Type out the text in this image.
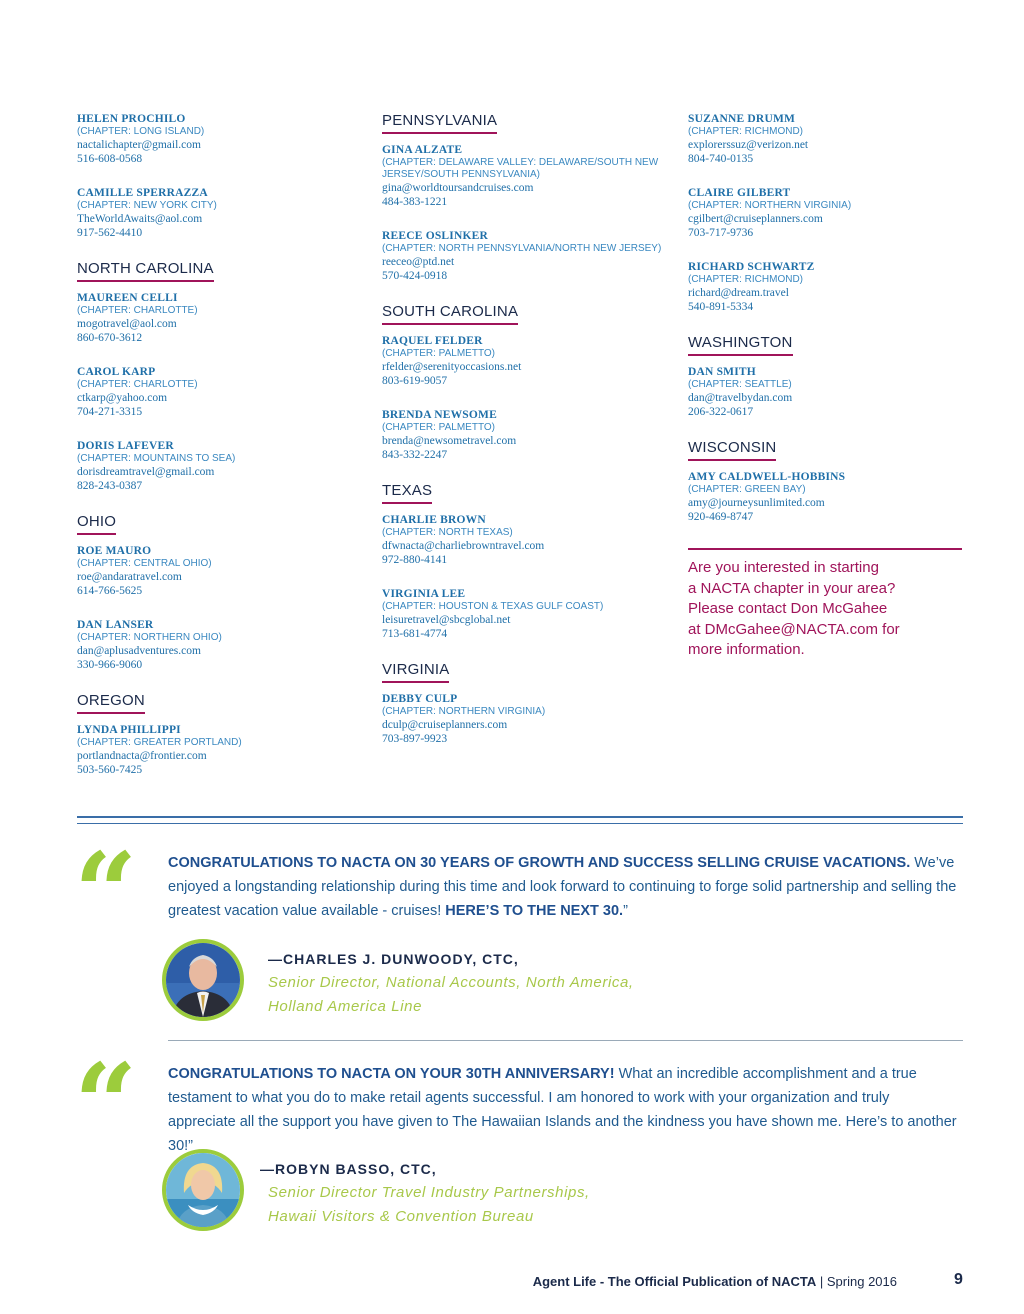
HELEN PROCHILO
(CHAPTER: LONG ISLAND)
nactalichapter@gmail.com
516-608-0568
CAMILLE SPERRAZZA
(CHAPTER: NEW YORK CITY)
TheWorldAwaits@aol.com
917-562-4410
NORTH CAROLINA
MAUREEN CELLI
(CHAPTER: CHARLOTTE)
mogotravel@aol.com
860-670-3612
CAROL KARP
(CHAPTER: CHARLOTTE)
ctkarp@yahoo.com
704-271-3315
DORIS LAFEVER
(CHAPTER: MOUNTAINS TO SEA)
dorisdreamtravel@gmail.com
828-243-0387
OHIO
ROE MAURO
(CHAPTER: CENTRAL OHIO)
roe@andaratravel.com
614-766-5625
DAN LANSER
(CHAPTER: NORTHERN OHIO)
dan@aplusadventures.com
330-966-9060
OREGON
LYNDA PHILLIPPI
(CHAPTER: GREATER PORTLAND)
portlandnacta@frontier.com
503-560-7425
PENNSYLVANIA
GINA ALZATE
(CHAPTER: DELAWARE VALLEY: DELAWARE/SOUTH NEW JERSEY/SOUTH PENNSYLVANIA)
gina@worldtoursandcruises.com
484-383-1221
REECE OSLINKER
(CHAPTER: NORTH PENNSYLVANIA/NORTH NEW JERSEY)
reeceo@ptd.net
570-424-0918
SOUTH CAROLINA
RAQUEL FELDER
(CHAPTER: PALMETTO)
rfelder@serenityoccasions.net
803-619-9057
BRENDA NEWSOME
(CHAPTER: PALMETTO)
brenda@newsometravel.com
843-332-2247
TEXAS
CHARLIE BROWN
(CHAPTER: NORTH TEXAS)
dfwnacta@charliebrowntravel.com
972-880-4141
VIRGINIA LEE
(CHAPTER: HOUSTON & TEXAS GULF COAST)
leisuretravel@sbcglobal.net
713-681-4774
VIRGINIA
DEBBY CULP
(CHAPTER: NORTHERN VIRGINIA)
dculp@cruiseplanners.com
703-897-9923
SUZANNE DRUMM
(CHAPTER: RICHMOND)
explorerssuz@verizon.net
804-740-0135
CLAIRE GILBERT
(CHAPTER: NORTHERN VIRGINIA)
cgilbert@cruiseplanners.com
703-717-9736
RICHARD SCHWARTZ
(CHAPTER: RICHMOND)
richard@dream.travel
540-891-5334
WASHINGTON
DAN SMITH
(CHAPTER: SEATTLE)
dan@travelbydan.com
206-322-0617
WISCONSIN
AMY CALDWELL-HOBBINS
(CHAPTER: GREEN BAY)
amy@journeysunlimited.com
920-469-8747
Are you interested in starting
a NACTA chapter in your area?
Please contact Don McGahee
at DMcGahee@NACTA.com for
more information.
“ CONGRATULATIONS TO NACTA ON 30 YEARS OF GROWTH AND SUCCESS SELLING CRUISE VACATIONS. We’ve enjoyed a longstanding relationship during this time and look forward to continuing to forge solid partnership and selling the greatest vacation value available - cruises! HERE’S TO THE NEXT 30.”
—CHARLES J. DUNWOODY, CTC,
Senior Director, National Accounts, North America,
Holland America Line
“ CONGRATULATIONS TO NACTA ON YOUR 30TH ANNIVERSARY! What an incredible accomplishment and a true testament to what you do to make retail agents successful. I am honored to work with your organization and truly appreciate all the support you have given to The Hawaiian Islands and the kindness you have shown me. Here’s to another 30!”
—ROBYN BASSO, CTC,
Senior Director Travel Industry Partnerships,
Hawaii Visitors & Convention Bureau
Agent Life - The Official Publication of NACTA | Spring 2016	9
